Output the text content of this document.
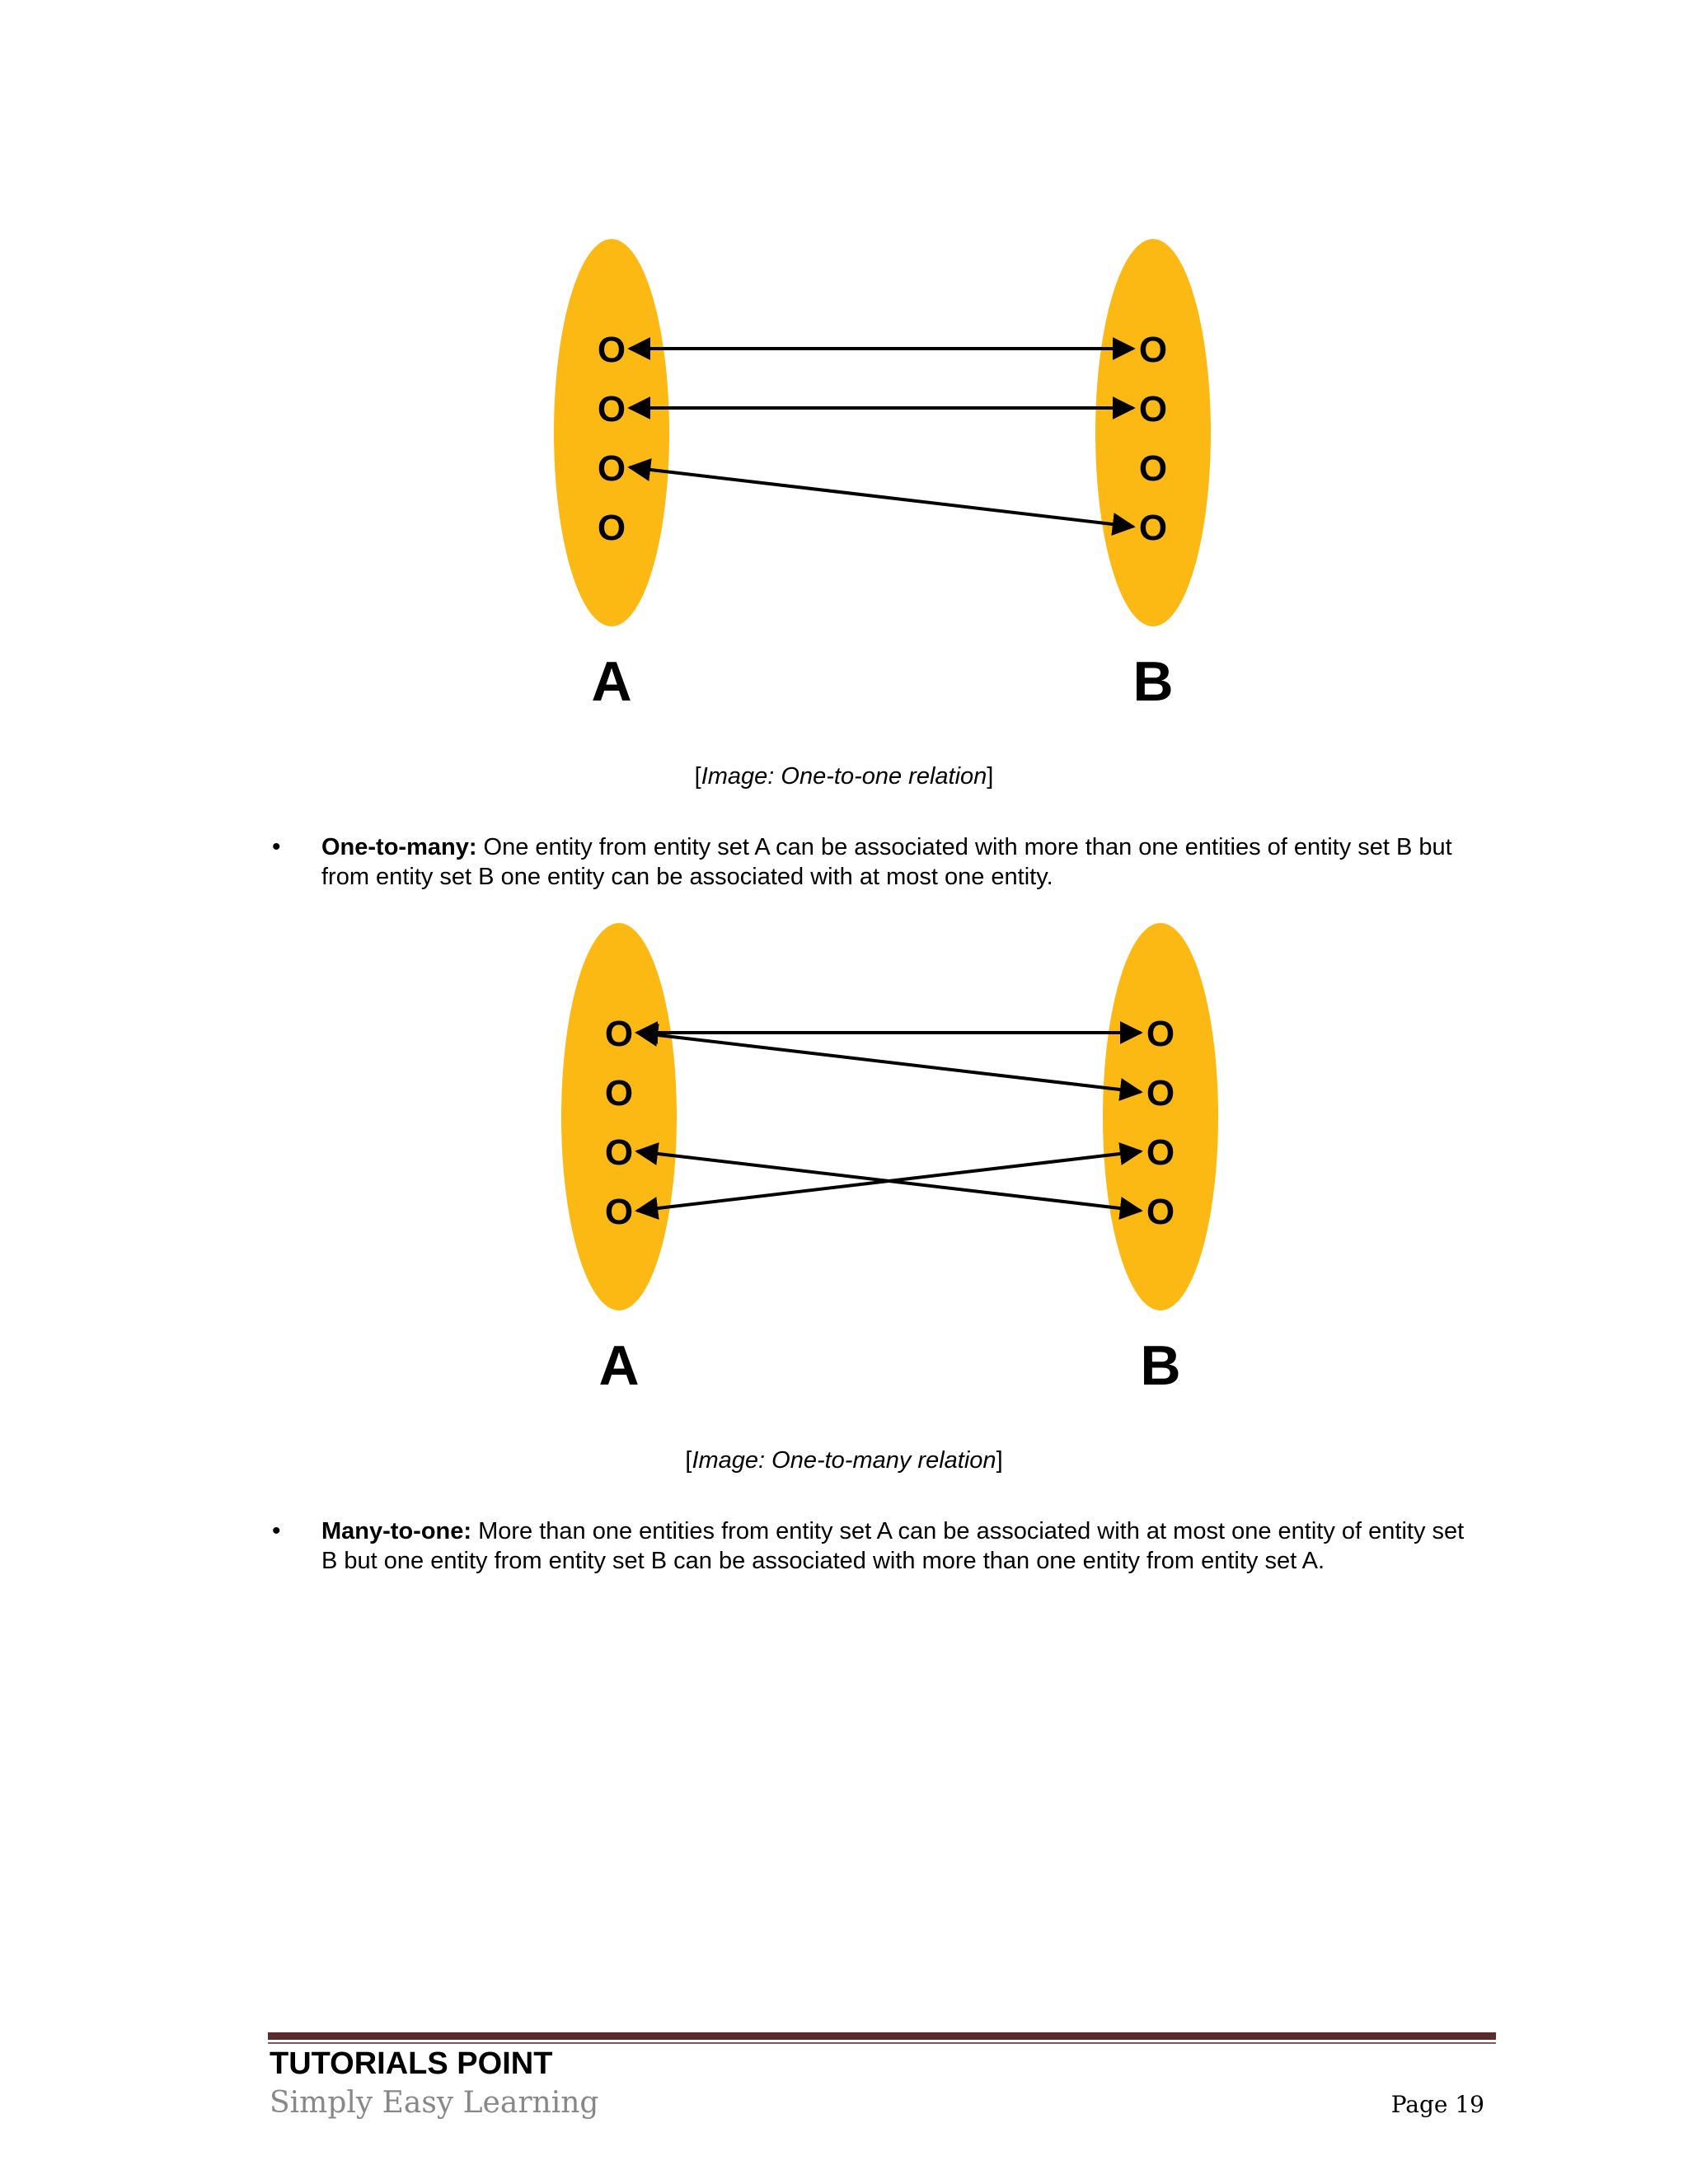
O
O
O
O
O
O
O
O
A	B
[Image: One-to-one relation]
• One-to-many: One entity from entity set A can be associated with more than one entities of entity set B but from entity set B one entity can be associated with at most one entity.
O
O
O
O
O
O
O
O
A	B
[Image: One-to-many relation]
• Many-to-one: More than one entities from entity set A can be associated with at most one entity of entity set B but one entity from entity set B can be associated with more than one entity from entity set A.
TUTORIALS POINT
Simply Easy Learning	Page 19
